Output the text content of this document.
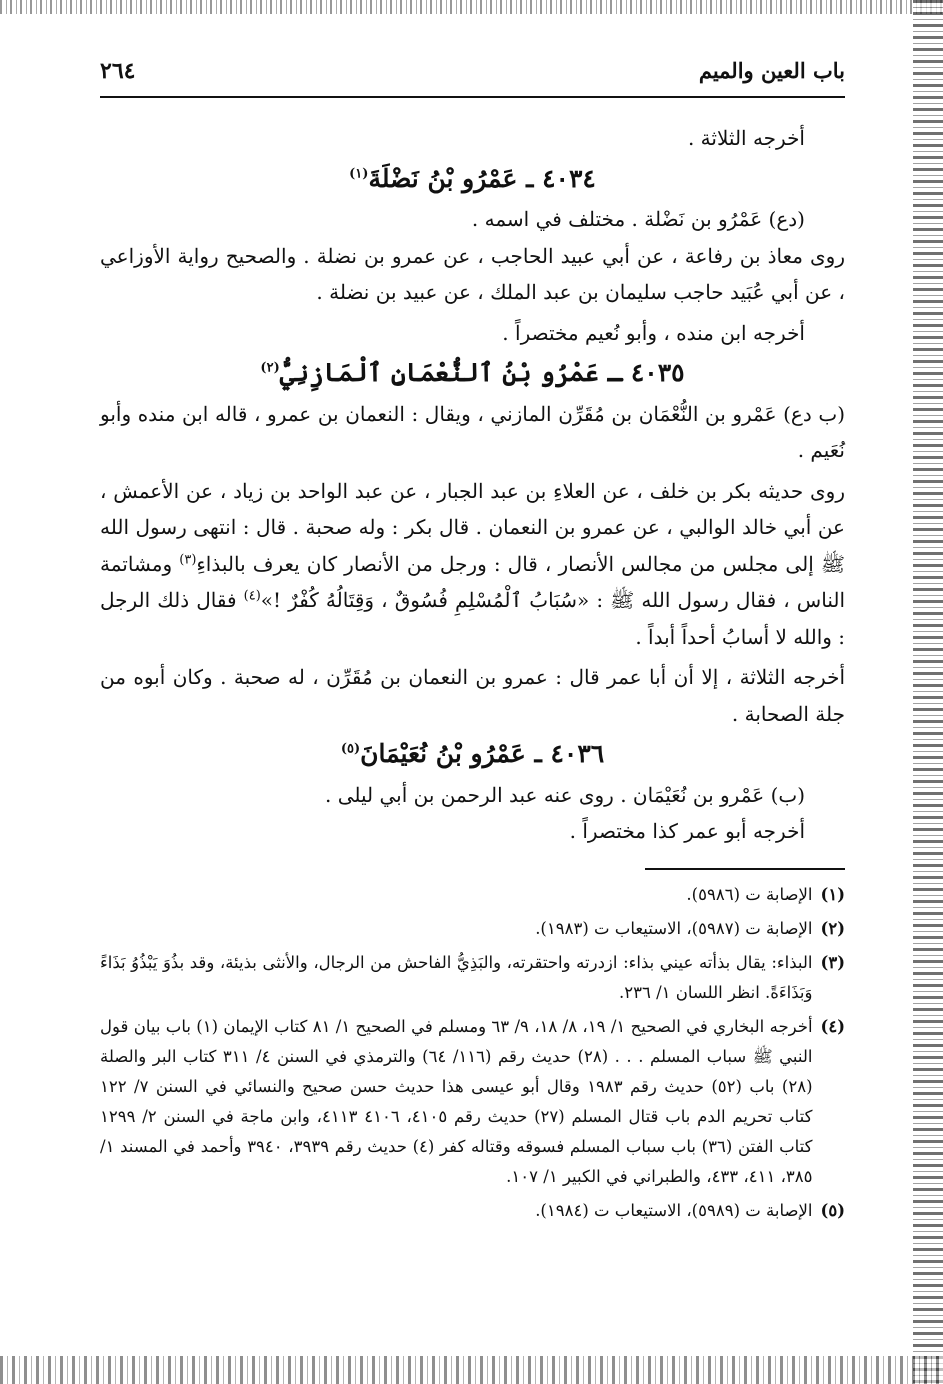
باب العين والميم
٢٦٤

أخرجه الثلاثة .

٤٠٣٤ ـ عَمْرُو بْنُ نَضْلَةَ$^{(١)}$

(دع) عَمْرُو بن نَضْلة . مختلف في اسمه .

روى معاذ بن رفاعة ، عن أبي عبيد الحاجب ، عن عمرو بن نضلة . والصحيح رواية الأوزاعي ، عن أبي عُبَيد حاجب سليمان بن عبد الملك ، عن عبيد بن نضلة .

أخرجه ابن منده ، وأبو نُعيم مختصراً .

٤٠٣٥ ـ عَمْرُو بْنُ ٱلنُّعْمَانِ ٱلْمَازِنِيُّ$^{(٢)}$

(ب دع) عَمْرو بن النُّعْمَان بن مُقَرِّن المازني ، ويقال : النعمان بن عمرو ، قاله ابن منده وأبو نُعَيم .

روى حديثه بكر بن خلف ، عن العلاءِ بن عبد الجبار ، عن عبد الواحد بن زياد ، عن الأعمش ، عن أبي خالد الوالبي ، عن عمرو بن النعمان . قال بكر : وله صحبة . قال : انتهى رسول الله ﷺ إلى مجلس من مجالس الأنصار ، قال : ورجل من الأنصار كان يعرف بالبذاءِ$^{(٣)}$ ومشاتمة الناس ، فقال رسول الله ﷺ : «سُبَابُ ٱلْمُسْلِمِ فُسُوقٌ ، وَقِتَالُهُ كُفْرٌ !»$^{(٤)}$ فقال ذلك الرجل : والله لا أسابُ أحداً أبداً .

أخرجه الثلاثة ، إلا أن أبا عمر قال : عمرو بن النعمان بن مُقَرِّن ، له صحبة . وكان أبوه من جلة الصحابة .

٤٠٣٦ ـ عَمْرُو بْنُ نُعَيْمَانَ$^{(٥)}$

(ب) عَمْرو بن نُعَيْمَان . روى عنه عبد الرحمن بن أبي ليلى .

أخرجه أبو عمر كذا مختصراً .

(١)
الإصابة ت (٥٩٨٦).
(٢)
الإصابة ت (٥٩٨٧)، الاستيعاب ت (١٩٨٣).
(٣)
البذاء: يقال بذأته عيني بذاء: ازدرته واحتقرته، والبَذِيُّ الفاحش من الرجال، والأنثى بذيئة، وقد بذُوَ يَبْذُوُ بَذَاءً وَبَذَاءَةً. انظر اللسان ١/ ٢٣٦.
(٤)
أخرجه البخاري في الصحيح ١/ ١٩، ٨/ ١٨، ٩/ ٦٣ ومسلم في الصحيح ١/ ٨١ كتاب الإيمان (١) باب بيان قول النبي ﷺ سباب المسلم . . . (٢٨) حديث رقم (١١٦/ ٦٤) والترمذي في السنن ٤/ ٣١١ كتاب البر والصلة (٢٨) باب (٥٢) حديث رقم ١٩٨٣ وقال أبو عيسى هذا حديث حسن صحيح والنسائي في السنن ٧/ ١٢٢ كتاب تحريم الدم باب قتال المسلم (٢٧) حديث رقم ٤١٠٥، ٤١٠٦ ٤١١٣، وابن ماجة في السنن ٢/ ١٢٩٩ كتاب الفتن (٣٦) باب سباب المسلم فسوقه وقتاله كفر (٤) حديث رقم ٣٩٣٩، ٣٩٤٠ وأحمد في المسند ١/ ٣٨٥، ٤١١، ٤٣٣، والطبراني في الكبير ١/ ١٠٧.
(٥)
الإصابة ت (٥٩٨٩)، الاستيعاب ت (١٩٨٤).
